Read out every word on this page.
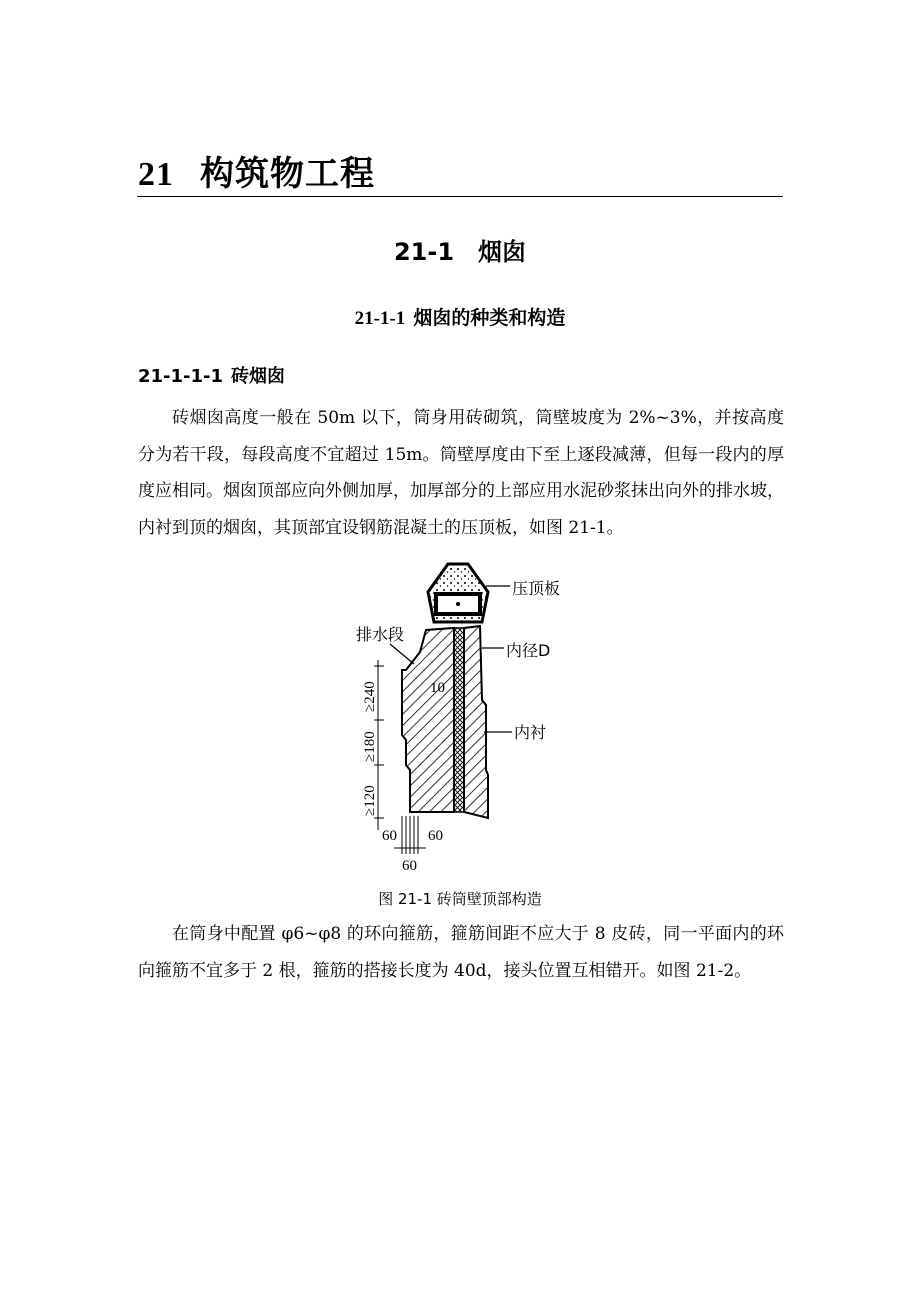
21 构筑物工程
21-1 烟囱
21-1-1 烟囱的种类和构造
21-1-1-1 砖烟囱
砖烟囱高度一般在 50m 以下，筒身用砖砌筑，筒壁坡度为 2%~3%，并按高度分为若干段，每段高度不宜超过 15m。筒壁厚度由下至上逐段减薄，但每一段内的厚度应相同。烟囱顶部应向外侧加厚，加厚部分的上部应用水泥砂浆抹出向外的排水坡，内衬到顶的烟囱，其顶部宜设钢筋混凝土的压顶板，如图 21-1。
压顶板
排水段
内径D
内衬
10
≥240
≥180
≥120
60 60
60
图 21-1 砖筒壁顶部构造
在筒身中配置 φ6~φ8 的环向箍筋，箍筋间距不应大于 8 皮砖，同一平面内的环向箍筋不宜多于 2 根，箍筋的搭接长度为 40d，接头位置互相错开。如图 21-2。
